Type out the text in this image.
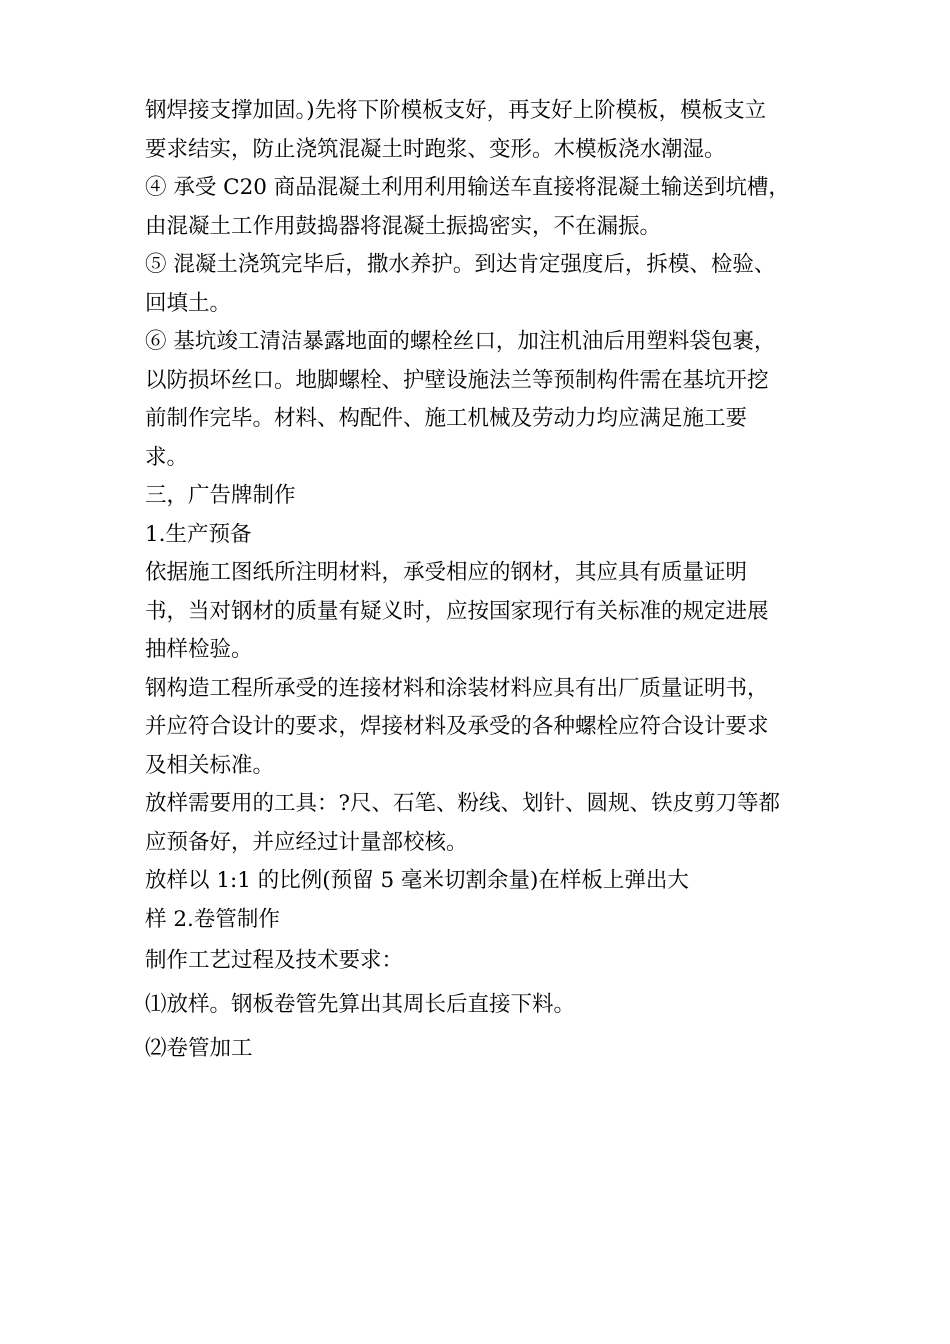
钢焊接支撑加固。)先将下阶模板支好，再支好上阶模板，模板支立
要求结实，防止浇筑混凝土时跑浆、变形。木模板浇水潮湿。
④ 承受 C20 商品混凝土利用利用输送车直接将混凝土输送到坑槽，
由混凝土工作用鼓捣器将混凝土振捣密实，不在漏振。
⑤ 混凝土浇筑完毕后，撒水养护。到达肯定强度后，拆模、检验、
回填土。
⑥ 基坑竣工清洁暴露地面的螺栓丝口，加注机油后用塑料袋包裹，
以防损坏丝口。地脚螺栓、护壁设施法兰等预制构件需在基坑开挖
前制作完毕。材料、构配件、施工机械及劳动力均应满足施工要
求。
三，广告牌制作
1.生产预备
依据施工图纸所注明材料，承受相应的钢材，其应具有质量证明
书，当对钢材的质量有疑义时，应按国家现行有关标准的规定进展
抽样检验。
钢构造工程所承受的连接材料和涂装材料应具有出厂质量证明书，
并应符合设计的要求，焊接材料及承受的各种螺栓应符合设计要求
及相关标准。
放样需要用的工具：?尺、石笔、粉线、划针、圆规、铁皮剪刀等都
应预备好，并应经过计量部校核。
放样以 1:1 的比例(预留 5 毫米切割余量)在样板上弹出大
样 2.卷管制作
制作工艺过程及技术要求：
⑴放样。钢板卷管先算出其周长后直接下料。
⑵卷管加工
